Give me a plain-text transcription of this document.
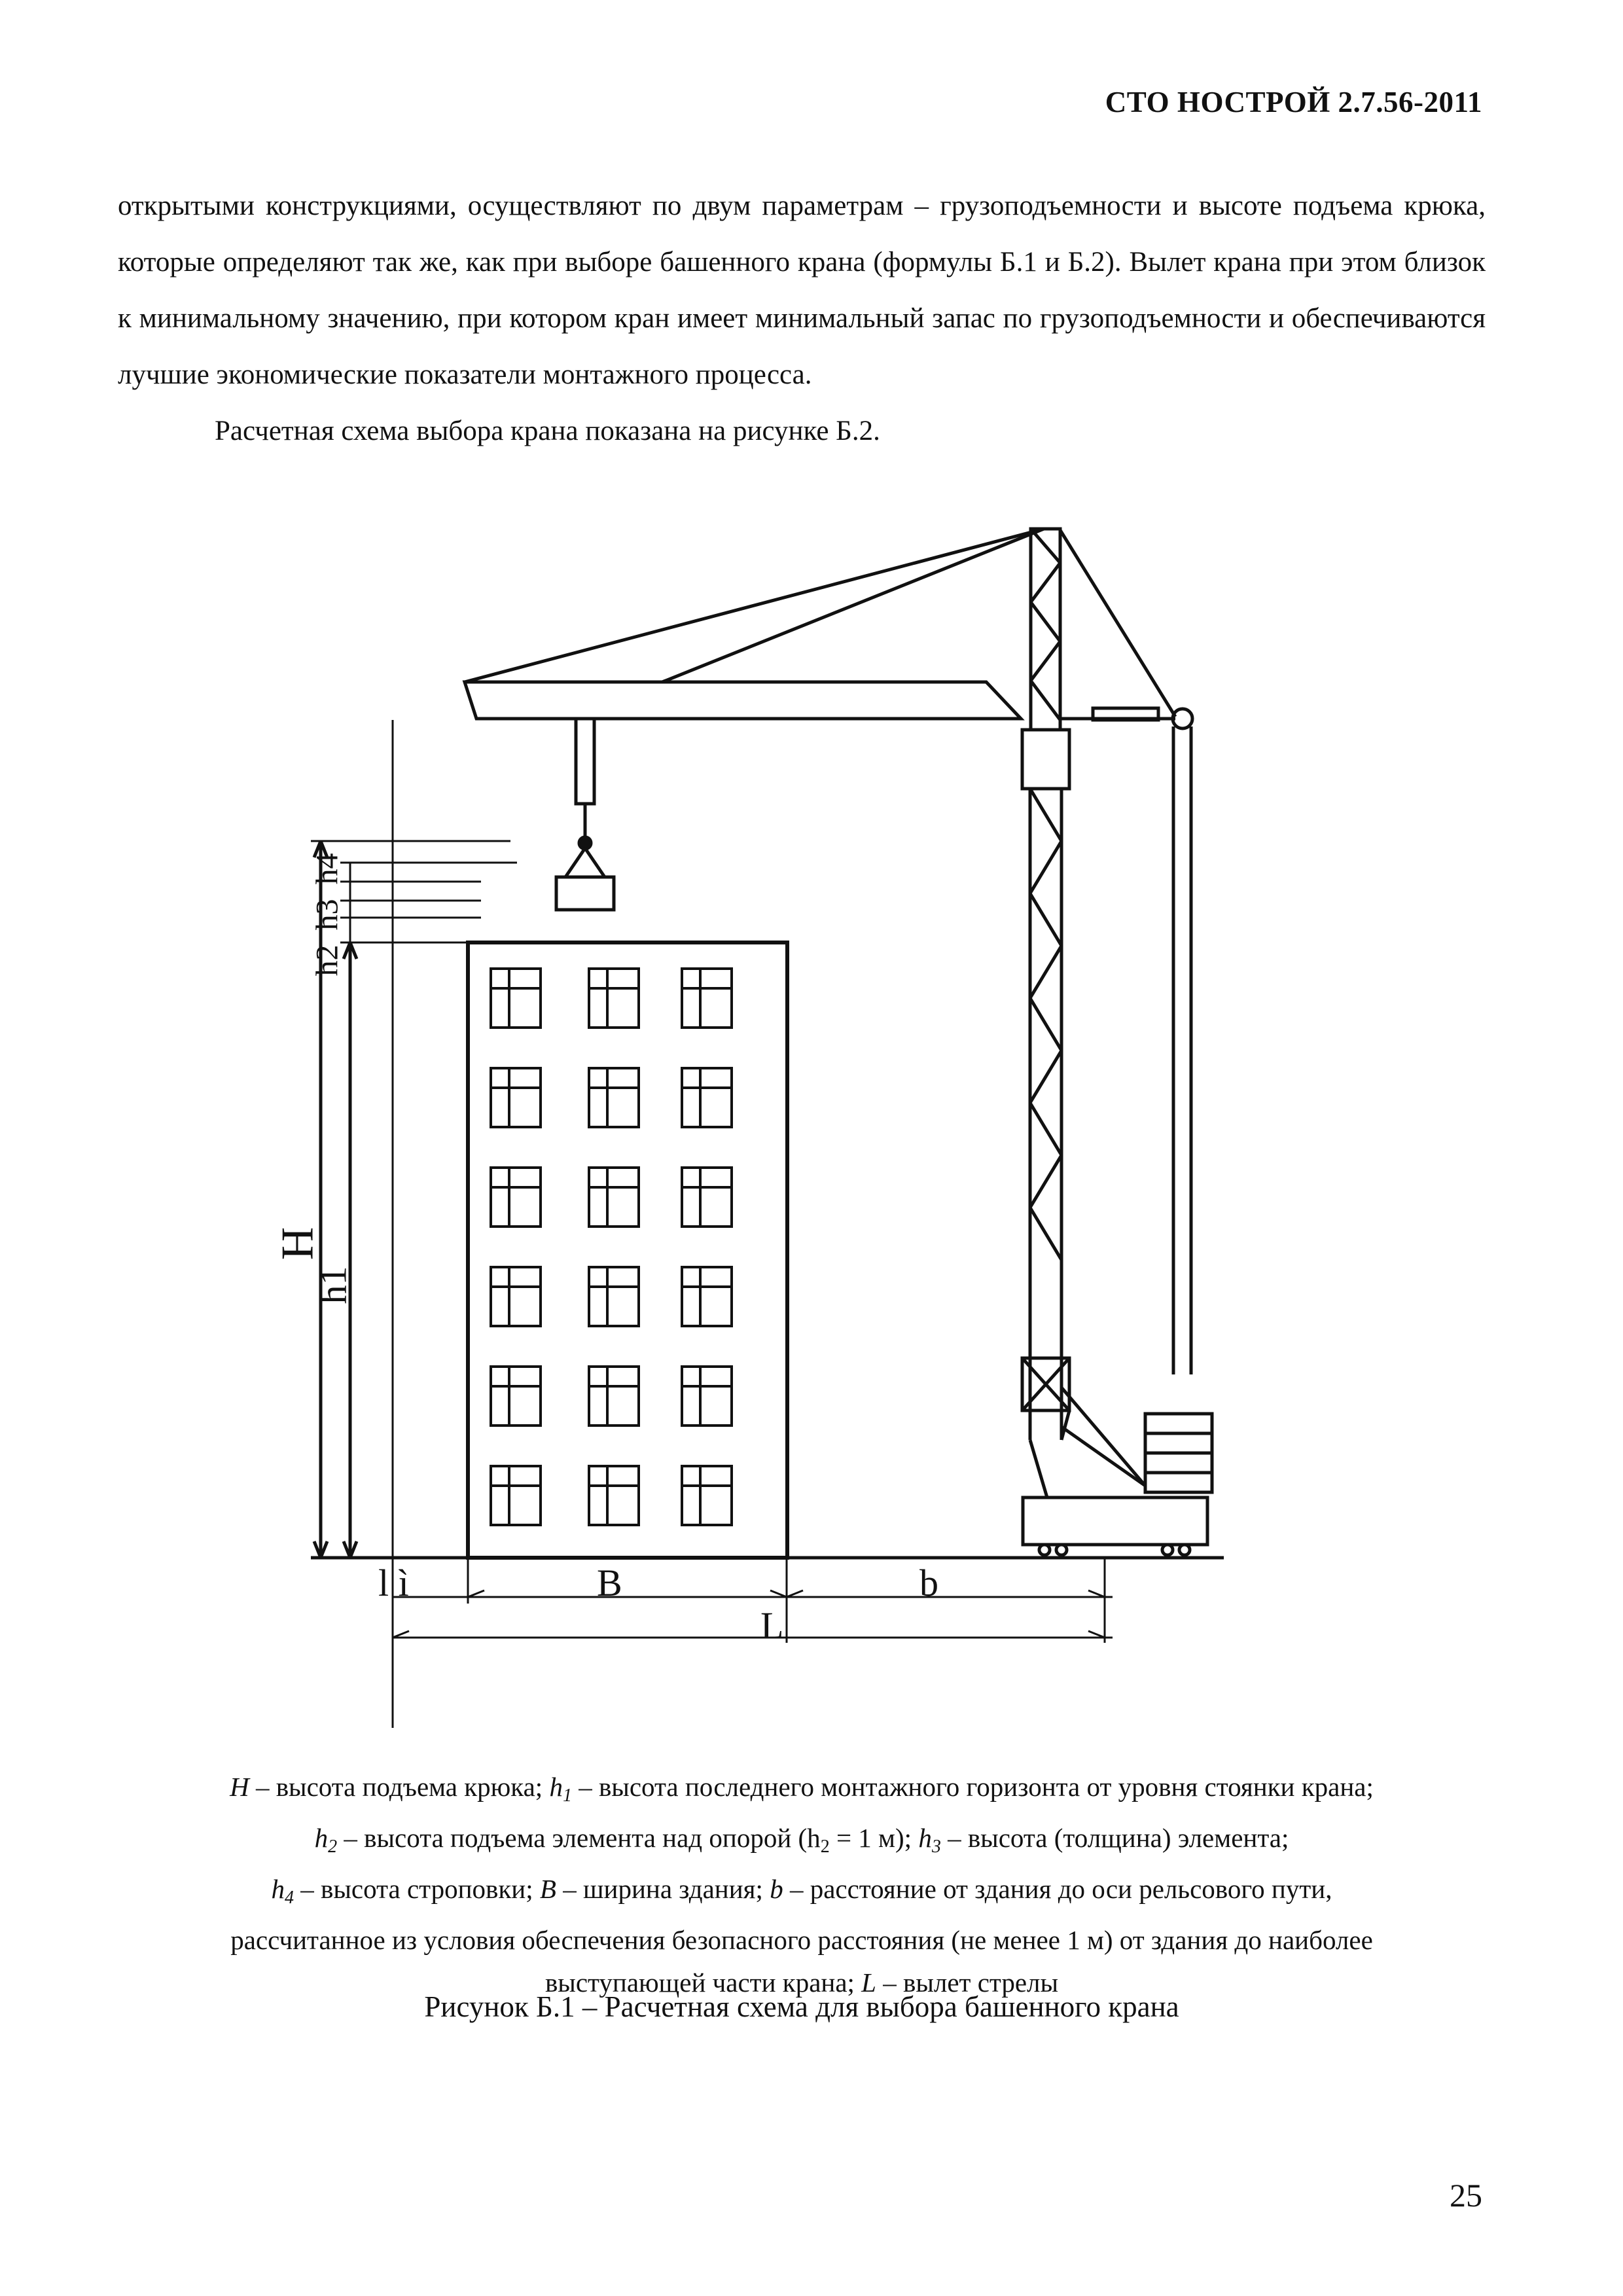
СТО НОСТРОЙ 2.7.56-2011

открытыми конструкциями, осуществляют по двум параметрам – грузоподъемности и высоте подъема крюка, которые определяют так же, как при выборе башенного крана (формулы Б.1 и Б.2). Вылет крана при этом близок к минимальному значению, при котором кран имеет минимальный запас по грузоподъемности и обеспечиваются лучшие экономические показатели монтажного процесса.

Расчетная схема выбора крана показана на рисунке Б.2.

H
h1
h2
h3
h4
l ì	B	b
L
H – высота подъема крюка; $h_1$ – высота последнего монтажного горизонта от уровня стоянки крана;
$h_2$ – высота подъема элемента над опорой ($h_2 = 1$ м); $h_3$ – высота (толщина) элемента;
$h_4$ – высота строповки; B – ширина здания; b – расстояние от здания до оси рельсового пути,
рассчитанное из условия обеспечения безопасного расстояния (не менее 1 м) от здания до наиболее
выступающей части крана; L – вылет стрелы
Рисунок Б.1 – Расчетная схема для выбора башенного крана
25
